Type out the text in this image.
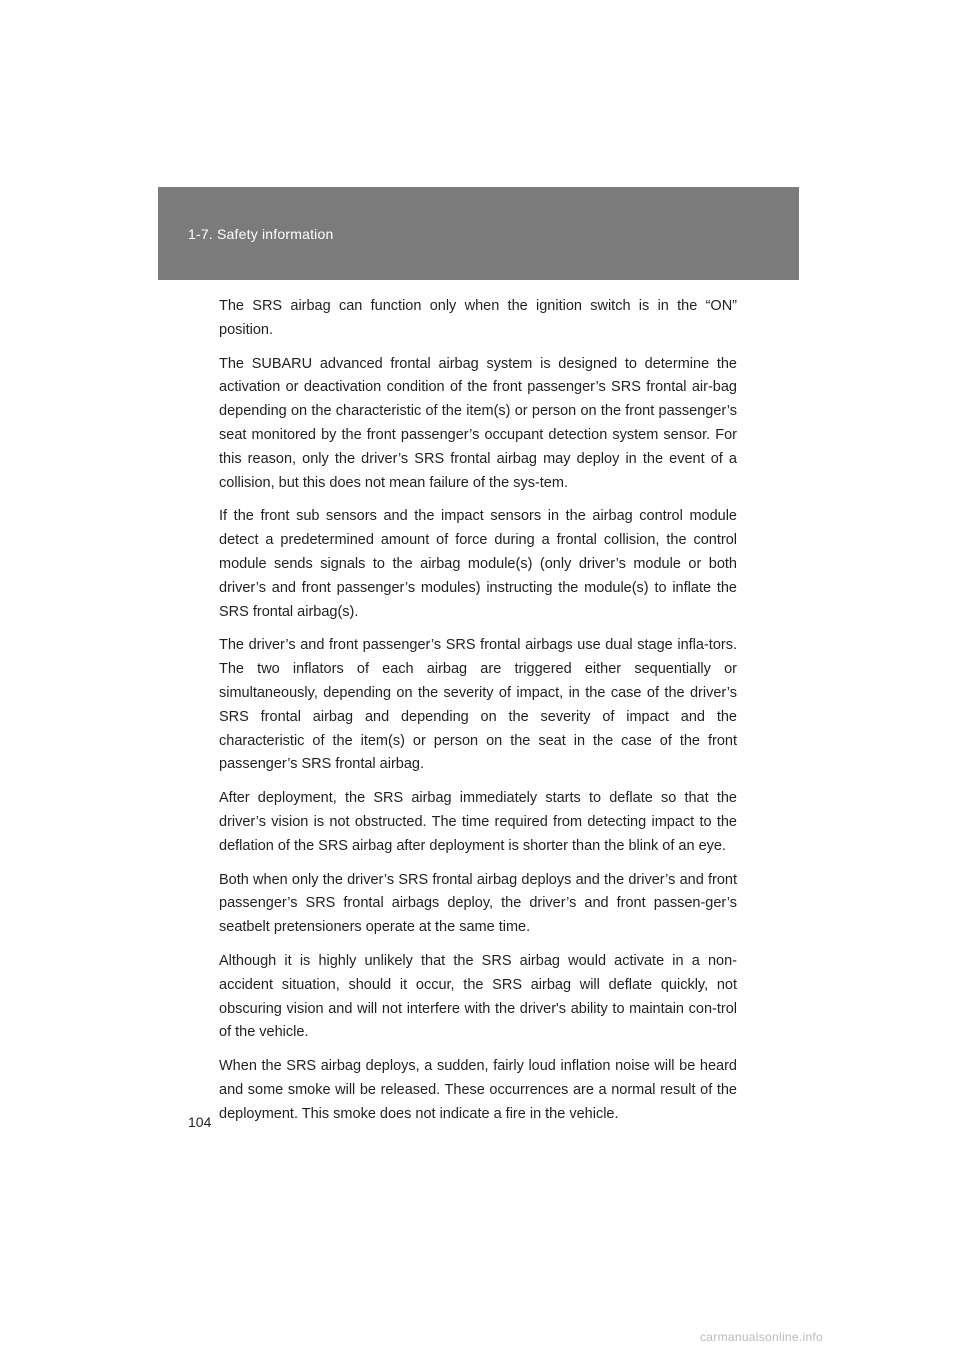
1-7. Safety information

The SRS airbag can function only when the ignition switch is in the “ON” position.

The SUBARU advanced frontal airbag system is designed to determine the activation or deactivation condition of the front passenger’s SRS frontal air-bag depending on the characteristic of the item(s) or person on the front passenger’s seat monitored by the front passenger’s occupant detection system sensor. For this reason, only the driver’s SRS frontal airbag may deploy in the event of a collision, but this does not mean failure of the sys-tem.

If the front sub sensors and the impact sensors in the airbag control module detect a predetermined amount of force during a frontal collision, the control module sends signals to the airbag module(s) (only driver’s module or both driver’s and front passenger’s modules) instructing the module(s) to inflate the SRS frontal airbag(s).

The driver’s and front passenger’s SRS frontal airbags use dual stage infla-tors. The two inflators of each airbag are triggered either sequentially or simultaneously, depending on the severity of impact, in the case of the driver’s SRS frontal airbag and depending on the severity of impact and the characteristic of the item(s) or person on the seat in the case of the front passenger’s SRS frontal airbag.

After deployment, the SRS airbag immediately starts to deflate so that the driver’s vision is not obstructed. The time required from detecting impact to the deflation of the SRS airbag after deployment is shorter than the blink of an eye.

Both when only the driver’s SRS frontal airbag deploys and the driver’s and front passenger’s SRS frontal airbags deploy, the driver’s and front passen-ger’s seatbelt pretensioners operate at the same time.

Although it is highly unlikely that the SRS airbag would activate in a non-accident situation, should it occur, the SRS airbag will deflate quickly, not obscuring vision and will not interfere with the driver's ability to maintain con-trol of the vehicle.

When the SRS airbag deploys, a sudden, fairly loud inflation noise will be heard and some smoke will be released. These occurrences are a normal result of the deployment. This smoke does not indicate a fire in the vehicle.

104
carmanualsonline.info
